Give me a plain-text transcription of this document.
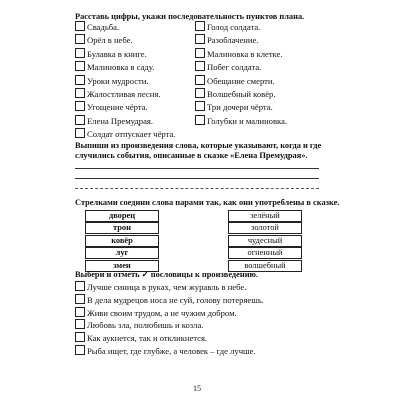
Расставь цифры, укажи последовательность пунктов плана.
Свадьба.
Орёл в небе.
Булавка в книге.
Малиновка в саду.
Уроки мудрости.
Жалостливая песня.
Угощение чёрта.
Елена Премудрая.
Солдат отпускает чёрта.
Голод солдата.
Разоблачение.
Малиновка в клетке.
Побег солдата.
Обещание смерти.
Волшебный ковёр.
Три дочери чёрта.
Голубки и малиновка.
Выпиши из произведения слова, которые указывают, когда и где
случились события, описанные в сказке «Елена Премудрая».
Стрелками соедини слова парами так, как они употреблены в сказке.
дворец
трон
ковёр
луг
змеи
зелёный
золотой
чудесный
огненный
волшебный
Выбери и отметь ✓ пословицы к произведению.
Лучше синица в руках, чем журавль в небе.
В дела мудрецов носа не суй, голову потеряешь.
Живи своим трудом, а не чужим добром.
Любовь зла, полюбишь и козла.
Как аукнется, так и откликнется.
Рыба ищет, где глубже, а человек – где лучше.
15
